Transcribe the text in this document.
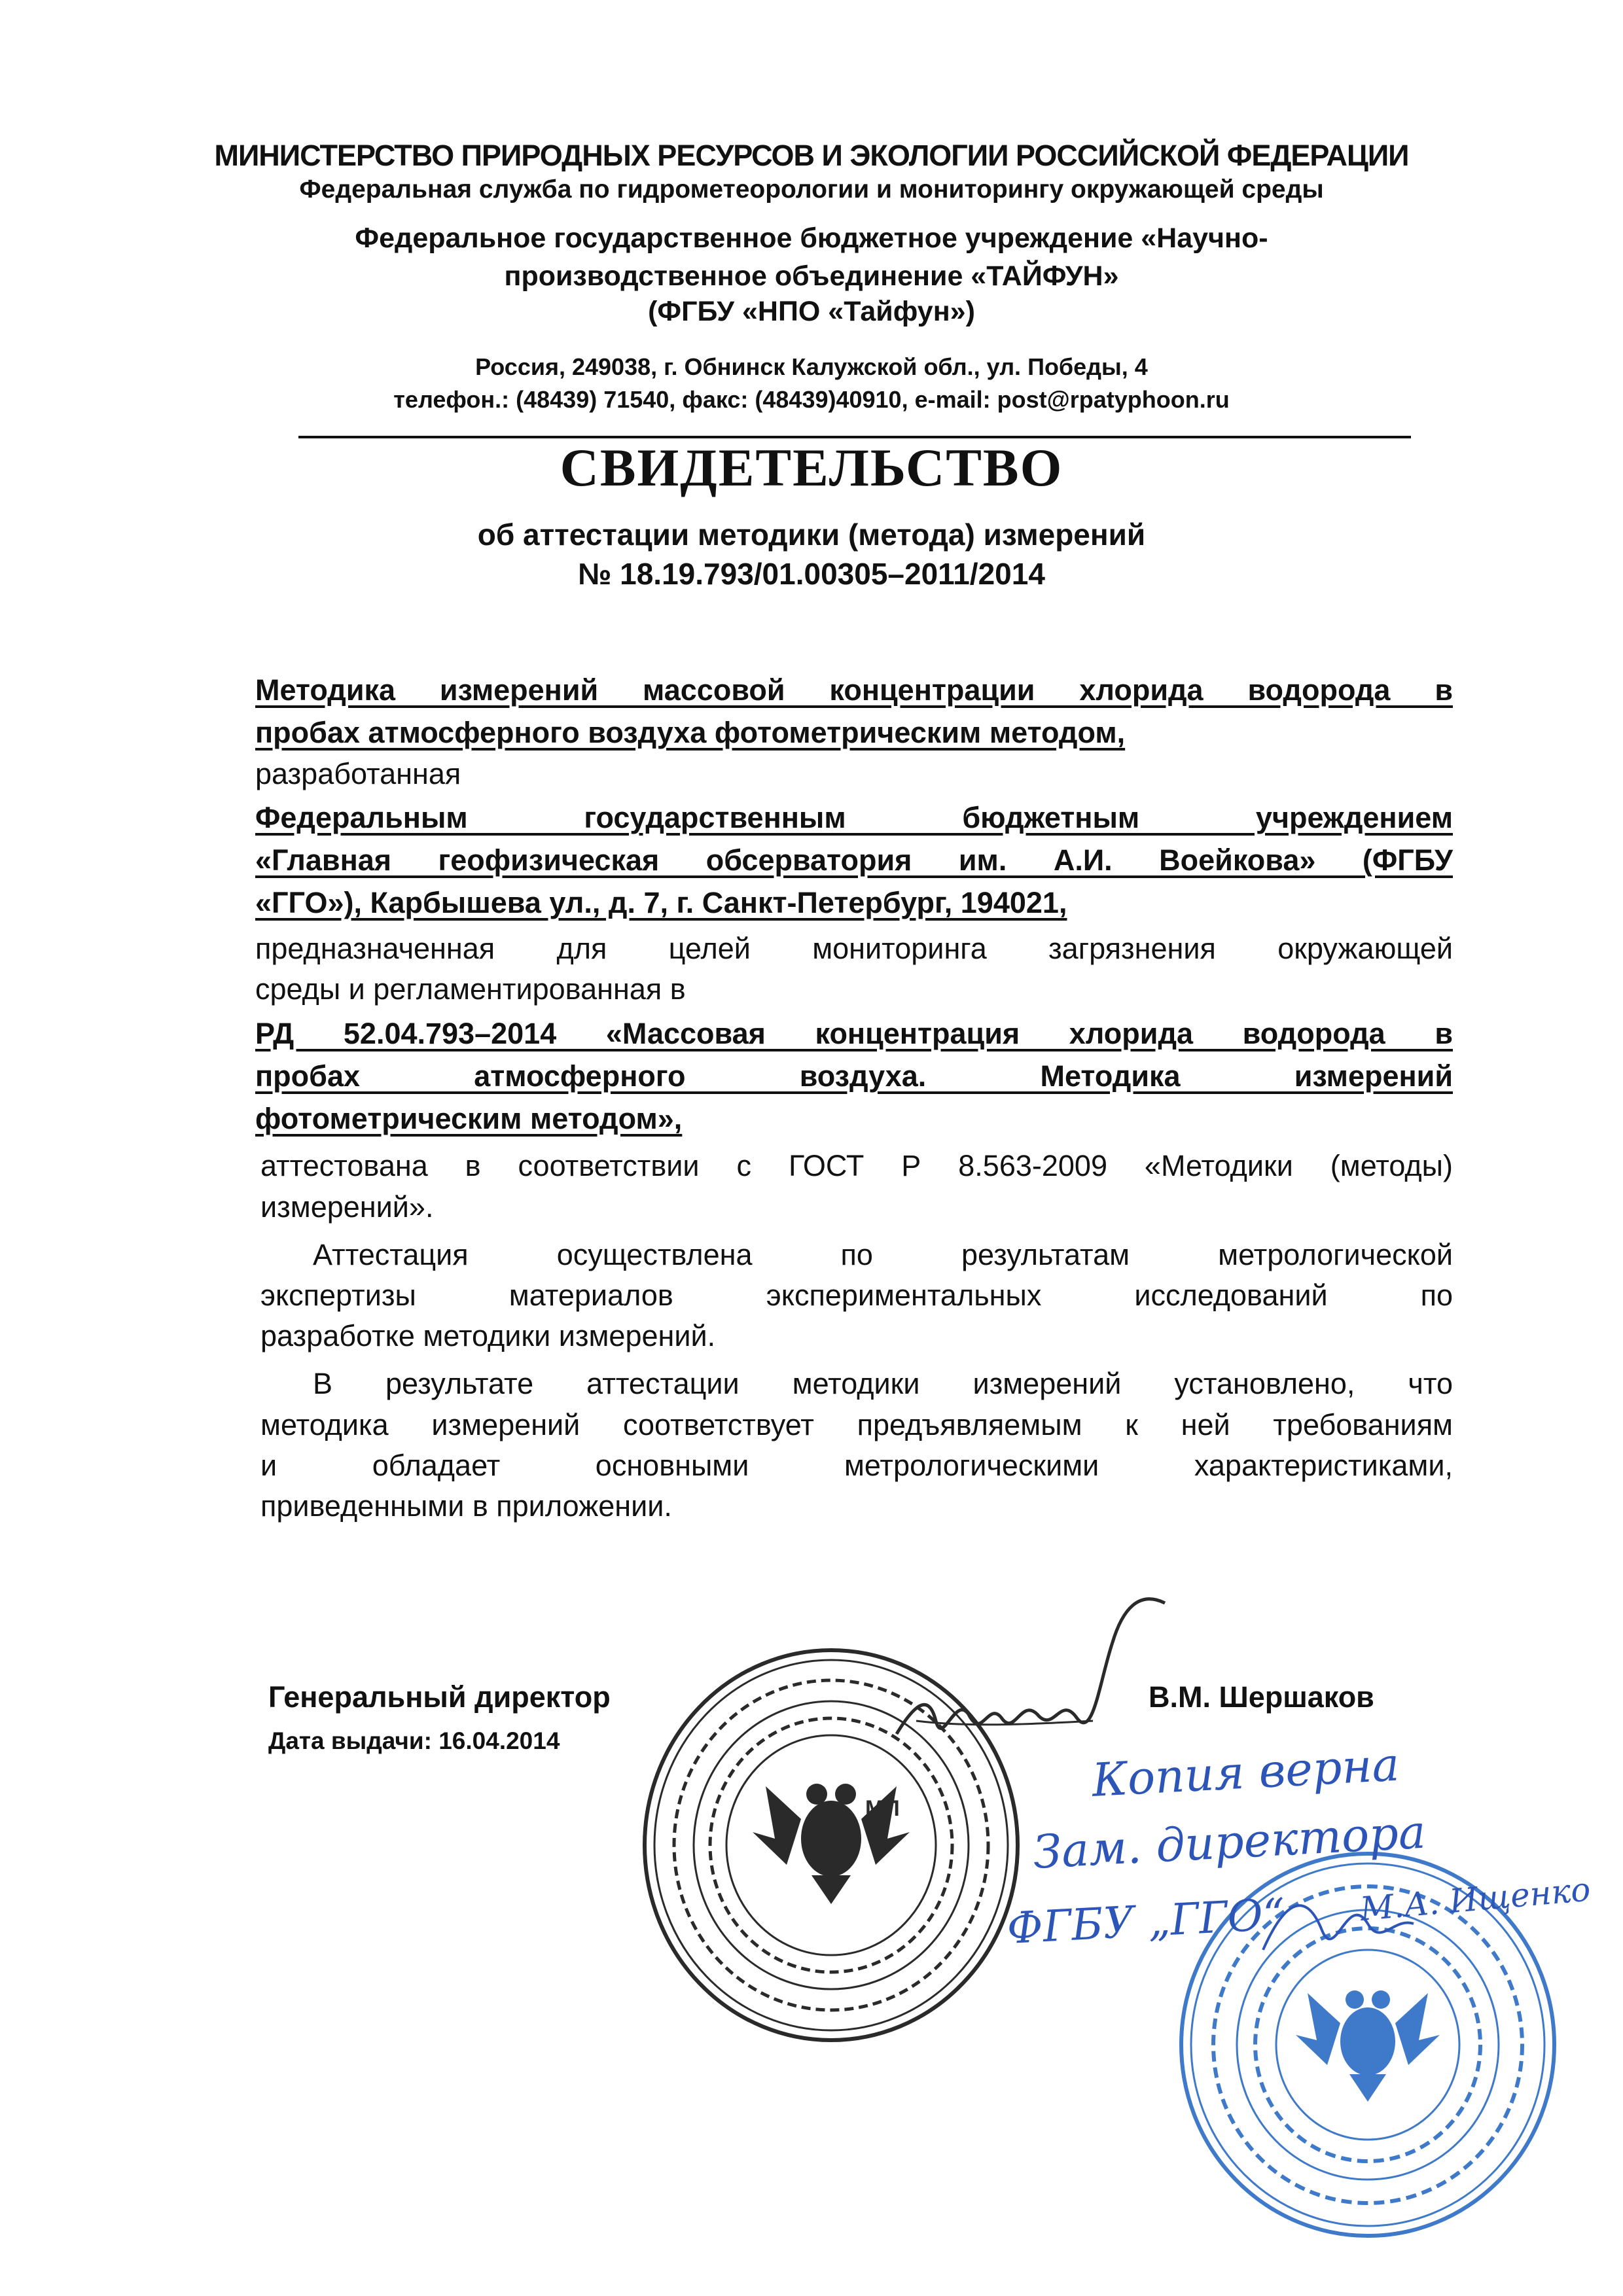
МИНИСТЕРСТВО ПРИРОДНЫХ РЕСУРСОВ И ЭКОЛОГИИ РОССИЙСКОЙ ФЕДЕРАЦИИ
Федеральная служба по гидрометеорологии и мониторингу окружающей среды
Федеральное государственное бюджетное учреждение «Научно-
производственное объединение «ТАЙФУН»
(ФГБУ «НПО «Тайфун»)
Россия, 249038, г. Обнинск Калужской обл., ул. Победы, 4
телефон.: (48439) 71540, факс: (48439)40910, e-mail: post@rpatyphoon.ru
СВИДЕТЕЛЬСТВО
об аттестации методики (метода) измерений
№ 18.19.793/01.00305–2011/2014
Методика измерений массовой концентрации хлорида водорода в
пробах атмосферного воздуха фотометрическим методом,
разработанная
Федеральным государственным бюджетным учреждением
«Главная геофизическая обсерватория им. А.И. Воейкова» (ФГБУ
«ГГО»), Карбышева ул., д. 7, г. Санкт-Петербург, 194021,
предназначенная для целей мониторинга загрязнения окружающей
среды и регламентированная в
РД 52.04.793–2014 «Массовая концентрация хлорида водорода в
пробах атмосферного воздуха. Методика измерений
фотометрическим методом»,
аттестована в соответствии с ГОСТ Р 8.563-2009 «Методики (методы)
измерений».
Аттестация осуществлена по результатам метрологической
экспертизы материалов экспериментальных исследований по
разработке методики измерений.
В результате аттестации методики измерений установлено, что
методика измерений соответствует предъявляемым к ней требованиям
и обладает основными метрологическими характеристиками,
приведенными в приложении.
Генеральный директор	В.М. Шершаков
Дата выдачи: 16.04.2014
МП
Копия верна
Зам. директора
ФГБУ „ГГО“ М.А. Ищенко
